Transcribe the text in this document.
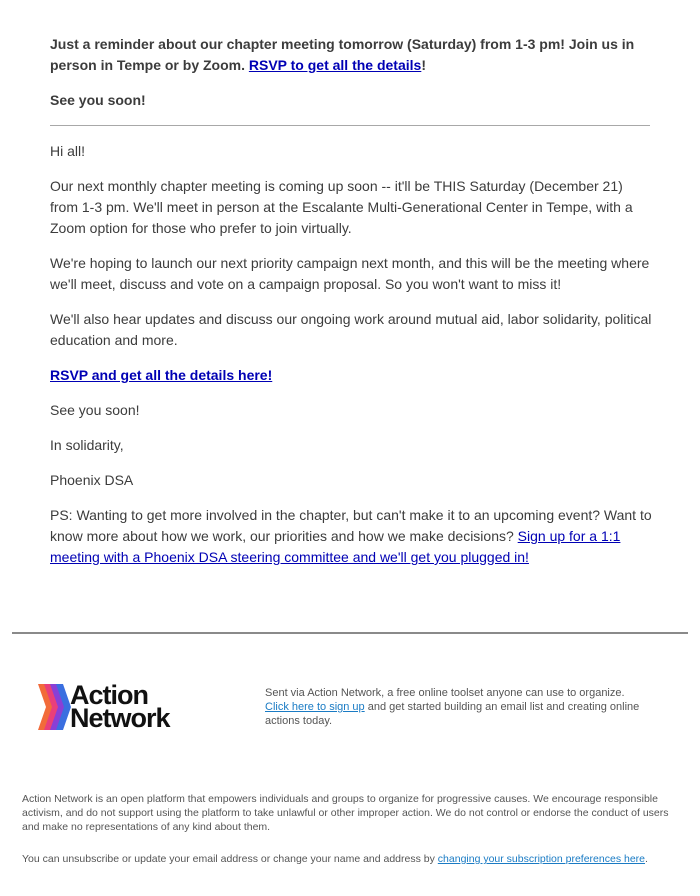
Just a reminder about our chapter meeting tomorrow (Saturday) from 1-3 pm! Join us in person in Tempe or by Zoom. RSVP to get all the details!

See you soon!

Hi all!

Our next monthly chapter meeting is coming up soon -- it'll be THIS Saturday (December 21) from 1-3 pm. We'll meet in person at the Escalante Multi-Generational Center in Tempe, with a Zoom option for those who prefer to join virtually.

We're hoping to launch our next priority campaign next month, and this will be the meeting where we'll meet, discuss and vote on a campaign proposal. So you won't want to miss it!

We'll also hear updates and discuss our ongoing work around mutual aid, labor solidarity, political education and more.

RSVP and get all the details here!

See you soon!

In solidarity,

Phoenix DSA

PS: Wanting to get more involved in the chapter, but can't make it to an upcoming event? Want to know more about how we work, our priorities and how we make decisions? Sign up for a 1:1 meeting with a Phoenix DSA steering committee and we'll get you plugged in!

Action
Network
Sent via Action Network, a free online toolset anyone can use to organize.
Click here to sign up and get started building an email list and creating online actions today.
Action Network is an open platform that empowers individuals and groups to organize for progressive causes. We encourage responsible activism, and do not support using the platform to take unlawful or other improper action. We do not control or endorse the conduct of users and make no representations of any kind about them.
You can unsubscribe or update your email address or change your name and address by changing your subscription preferences here.
